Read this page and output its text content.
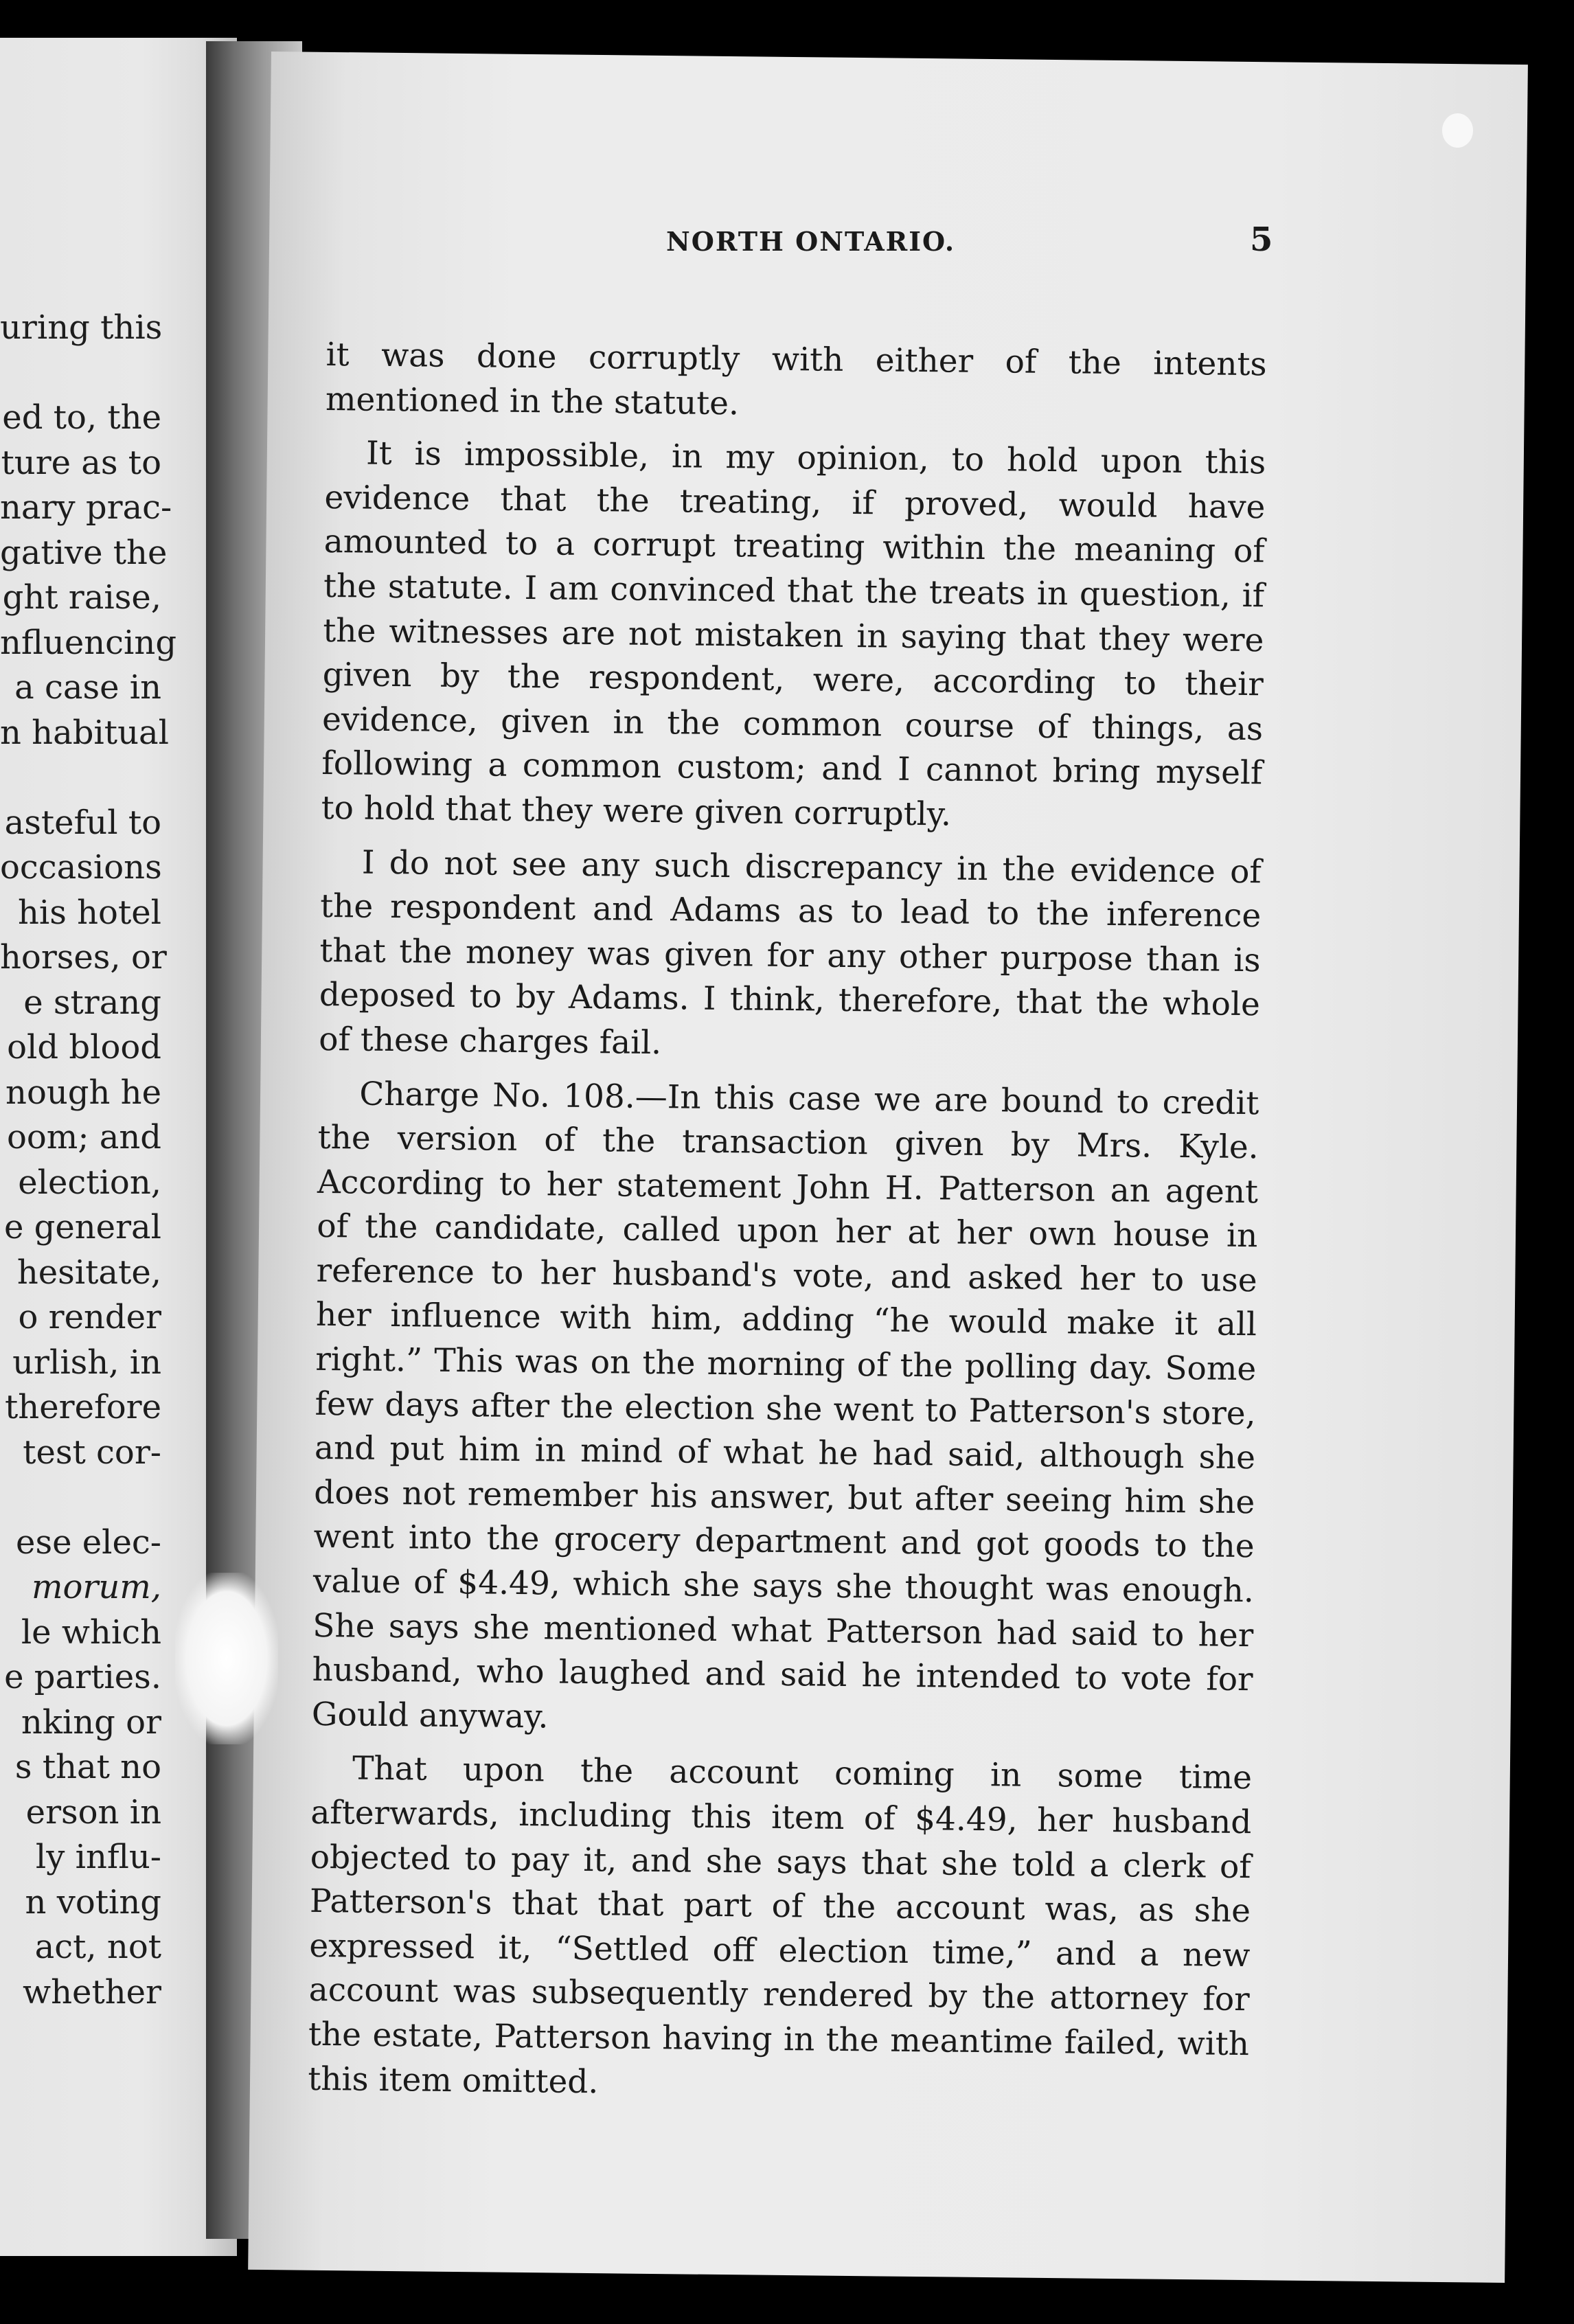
uring this
ed to, the
ture as to
nary prac-
gative the
ght raise,
nfluencing
a case in
n habitual
asteful to
occasions
his hotel
horses, or
e strang
old blood
nough he
oom; and
election,
e general
hesitate,
o render
urlish, in
therefore
test cor-
ese elec-
morum,
le which
e parties.
nking or
s that no
erson in
ly influ-
n voting
act, not
whether
NORTH ONTARIO.	5

it was done corruptly with either of the intents mentioned in the statute.

It is impossible, in my opinion, to hold upon this evidence that the treating, if proved, would have amounted to a corrupt treating within the meaning of the statute. I am convinced that the treats in question, if the witnesses are not mistaken in saying that they were given by the respondent, were, according to their evidence, given in the common course of things, as following a common custom; and I cannot bring myself to hold that they were given corruptly.

I do not see any such discrepancy in the evidence of the respondent and Adams as to lead to the inference that the money was given for any other purpose than is deposed to by Adams. I think, therefore, that the whole of these charges fail.

Charge No. 108.—In this case we are bound to credit the version of the transaction given by Mrs. Kyle. According to her statement John H. Patterson an agent of the candidate, called upon her at her own house in reference to her husband's vote, and asked her to use her influence with him, adding “he would make it all right.” This was on the morning of the polling day. Some few days after the election she went to Patterson's store, and put him in mind of what he had said, although she does not remember his answer, but after seeing him she went into the grocery department and got goods to the value of $4.49, which she says she thought was enough. She says she mentioned what Patterson had said to her husband, who laughed and said he intended to vote for Gould anyway.

That upon the account coming in some time afterwards, including this item of $4.49, her husband objected to pay it, and she says that she told a clerk of Patterson's that that part of the account was, as she expressed it, “Settled off election time,” and a new account was subsequently rendered by the attorney for the estate, Patterson having in the meantime failed, with this item omitted.
